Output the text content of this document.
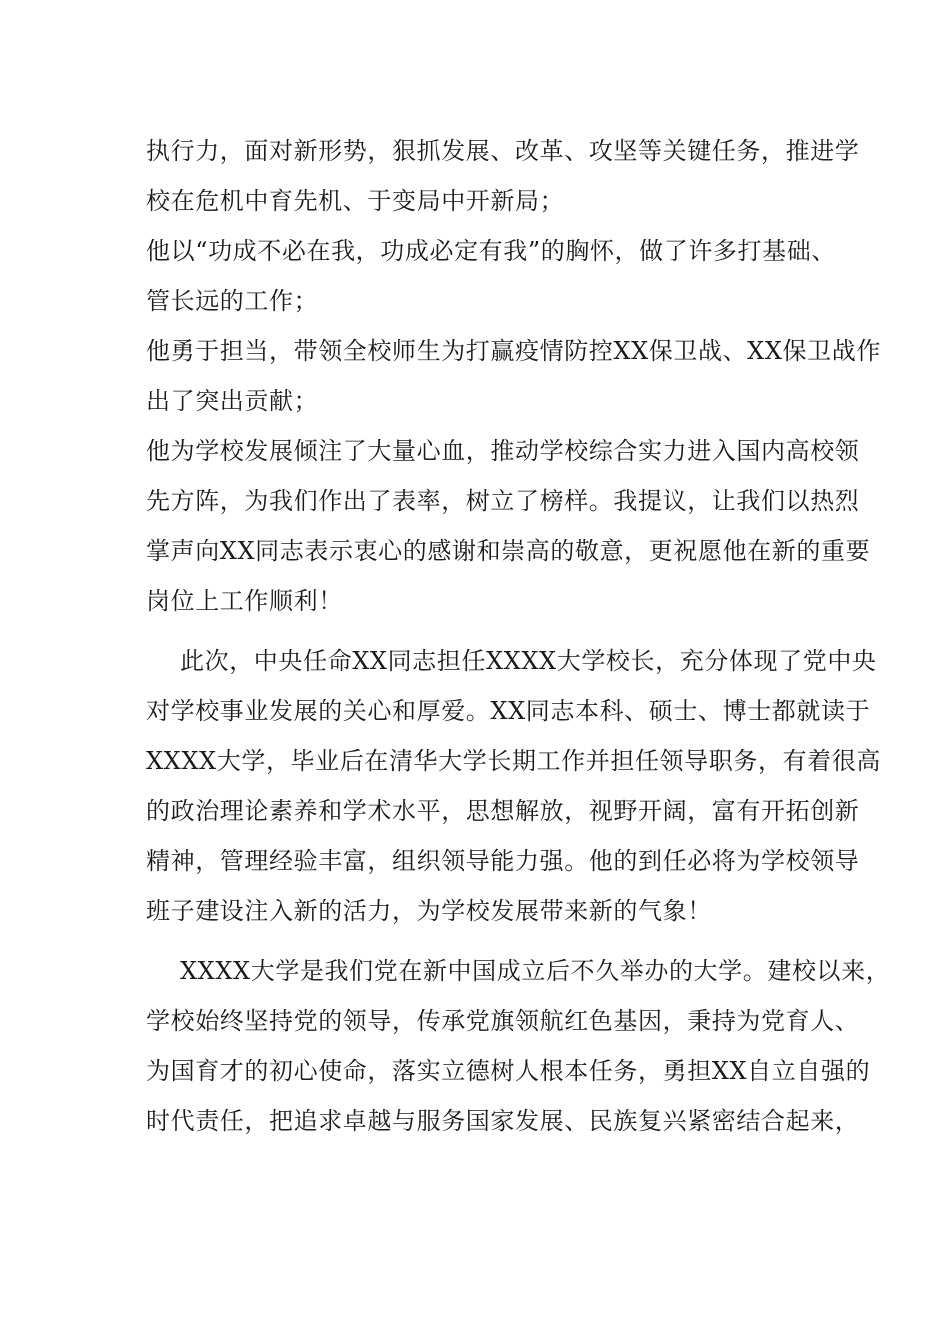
执行力，面对新形势，狠抓发展、改革、攻坚等关键任务，推进学
校在危机中育先机、于变局中开新局；
他以“功成不必在我，功成必定有我”的胸怀，做了许多打基础、
管长远的工作；
他勇于担当，带领全校师生为打赢疫情防控XX保卫战、XX保卫战作
出了突出贡献；
他为学校发展倾注了大量心血，推动学校综合实力进入国内高校领
先方阵，为我们作出了表率，树立了榜样。我提议，让我们以热烈
掌声向XX同志表示衷心的感谢和崇高的敬意，更祝愿他在新的重要
岗位上工作顺利！
此次，中央任命XX同志担任XXXX大学校长，充分体现了党中央
对学校事业发展的关心和厚爱。XX同志本科、硕士、博士都就读于
XXXX大学，毕业后在清华大学长期工作并担任领导职务，有着很高
的政治理论素养和学术水平，思想解放，视野开阔，富有开拓创新
精神，管理经验丰富，组织领导能力强。他的到任必将为学校领导
班子建设注入新的活力，为学校发展带来新的气象！
XXXX大学是我们党在新中国成立后不久举办的大学。建校以来，
学校始终坚持党的领导，传承党旗领航红色基因，秉持为党育人、
为国育才的初心使命，落实立德树人根本任务，勇担XX自立自强的
时代责任，把追求卓越与服务国家发展、民族复兴紧密结合起来，
